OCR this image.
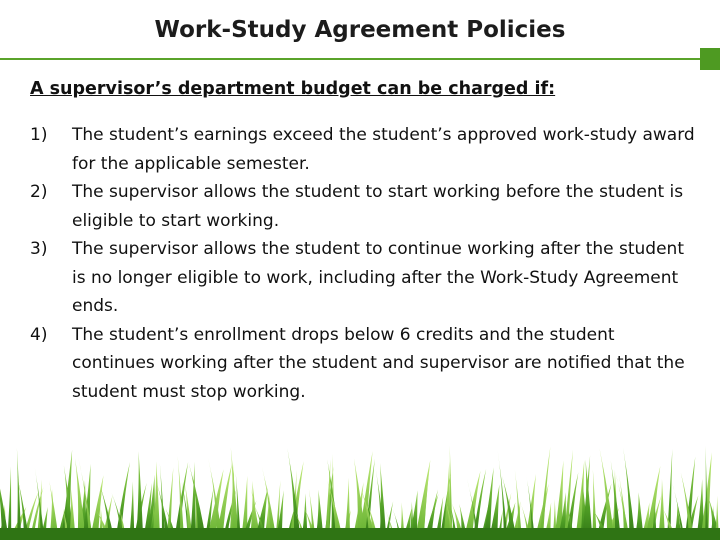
Work-Study Agreement Policies
A supervisor’s department budget can be charged if:
1) The student’s earnings exceed the student’s approved work-study award for the applicable semester.
2) The supervisor allows the student to start working before the student is eligible to start working.
3) The supervisor allows the student to continue working after the student is no longer eligible to work, including after the Work-Study Agreement ends.
4) The student’s enrollment drops below 6 credits and the student continues working after the student and supervisor are notified that the student must stop working.
